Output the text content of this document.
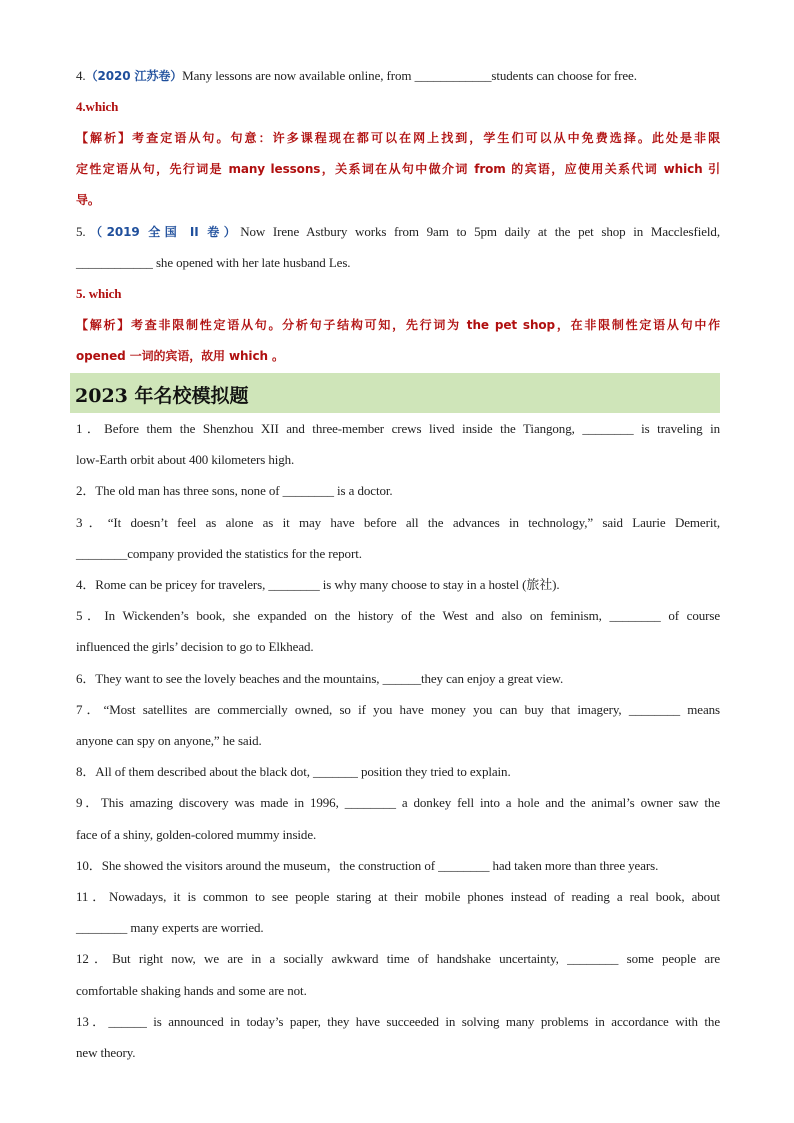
4.（2020 江苏卷）Many lessons are now available online, from ____________students can choose for free.
4.which
【解析】考查定语从句。句意：许多课程现在都可以在网上找到，学生们可以从中免费选择。此处是非限
定性定语从句，先行词是 many lessons，关系词在从句中做介词 from 的宾语，应使用关系代词 which 引
导。
5.（2019 全国 II 卷）Now Irene Astbury works from 9am to 5pm daily at the pet shop in Macclesfield,
____________ she opened with her late husband Les.
5. which
【解析】考查非限制性定语从句。分析句子结构可知，先行词为 the pet shop，在非限制性定语从句中作
opened 一词的宾语，故用 which 。
2023 年名校模拟题
1．Before them the Shenzhou XII and three-member crews lived inside the Tiangong, ________ is traveling in
low-Earth orbit about 400 kilometers high.
2．The old man has three sons, none of ________ is a doctor.
3．“It doesn’t feel as alone as it may have before all the advances in technology,” said Laurie Demerit,
________company provided the statistics for the report.
4．Rome can be pricey for travelers, ________ is why many choose to stay in a hostel (旅社).
5．In Wickenden’s book, she expanded on the history of the West and also on feminism, ________ of course
influenced the girls’ decision to go to Elkhead.
6．They want to see the lovely beaches and the mountains, ______they can enjoy a great view.
7．“Most satellites are commercially owned, so if you have money you can buy that imagery, ________ means
anyone can spy on anyone,” he said.
8．All of them described about the black dot, _______ position they tried to explain.
9．This amazing discovery was made in 1996, ________ a donkey fell into a hole and the animal’s owner saw the
face of a shiny, golden-colored mummy inside.
10．She showed the visitors around the museum，the construction of ________ had taken more than three years.
11．Nowadays, it is common to see people staring at their mobile phones instead of reading a real book, about
________ many experts are worried.
12．But right now, we are in a socially awkward time of handshake uncertainty, ________ some people are
comfortable shaking hands and some are not.
13．______ is announced in today’s paper, they have succeeded in solving many problems in accordance with the
new theory.
